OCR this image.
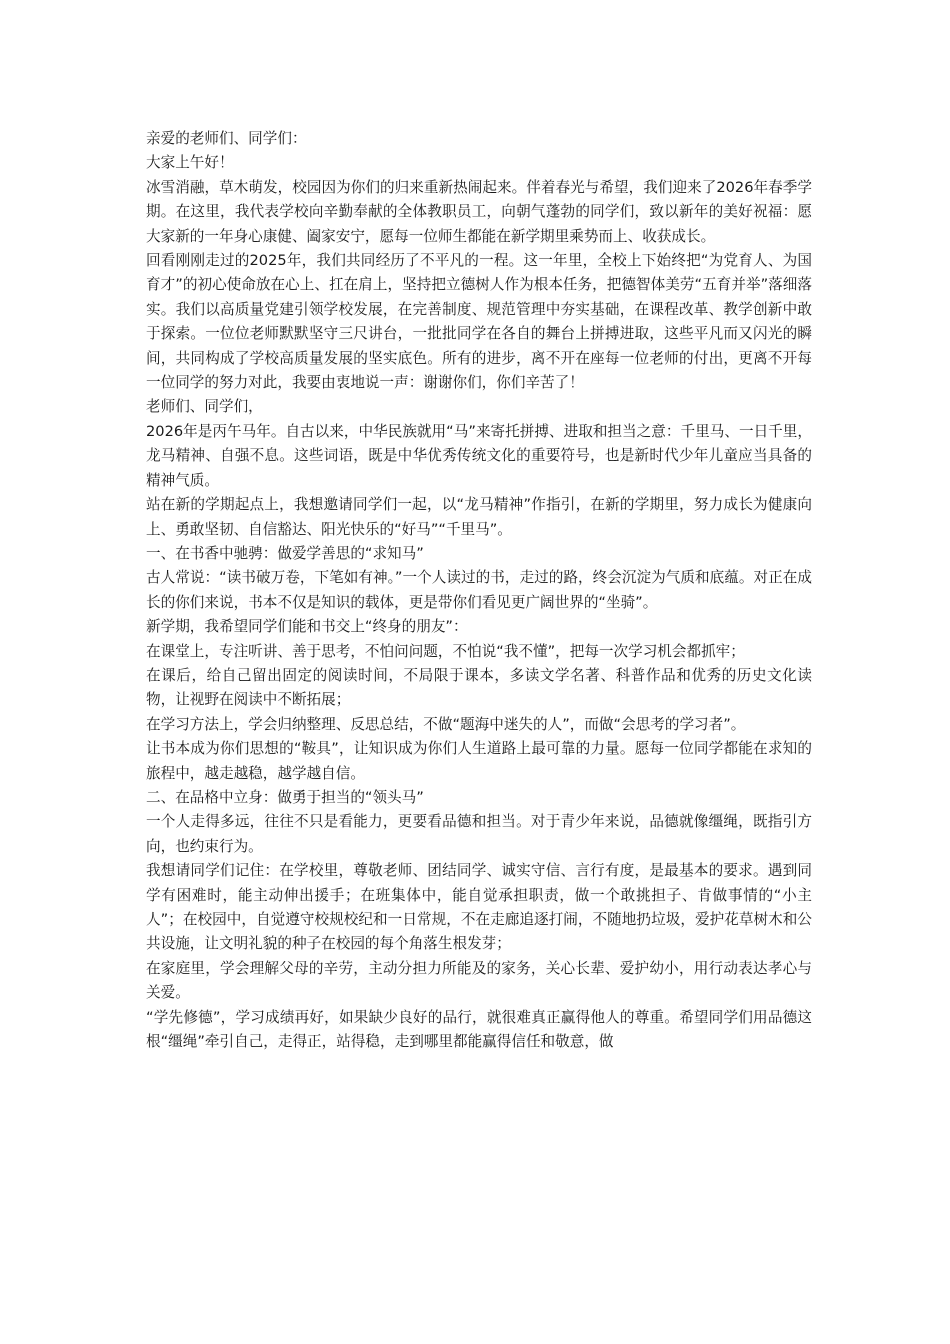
亲爱的老师们、同学们：

大家上午好！

冰雪消融，草木萌发，校园因为你们的归来重新热闹起来。伴着春光与希望，我们迎来了2026年春季学期。在这里，我代表学校向辛勤奉献的全体教职员工，向朝气蓬勃的同学们，致以新年的美好祝福：愿大家新的一年身心康健、阖家安宁，愿每一位师生都能在新学期里乘势而上、收获成长。

回看刚刚走过的2025年，我们共同经历了不平凡的一程。这一年里，全校上下始终把“为党育人、为国育才”的初心使命放在心上、扛在肩上，坚持把立德树人作为根本任务，把德智体美劳“五育并举”落细落实。我们以高质量党建引领学校发展，在完善制度、规范管理中夯实基础，在课程改革、教学创新中敢于探索。一位位老师默默坚守三尺讲台，一批批同学在各自的舞台上拼搏进取，这些平凡而又闪光的瞬间，共同构成了学校高质量发展的坚实底色。所有的进步，离不开在座每一位老师的付出，更离不开每一位同学的努力对此，我要由衷地说一声：谢谢你们，你们辛苦了！

老师们、同学们，

2026年是丙午马年。自古以来，中华民族就用“马”来寄托拼搏、进取和担当之意：千里马、一日千里，龙马精神、自强不息。这些词语，既是中华优秀传统文化的重要符号，也是新时代少年儿童应当具备的精神气质。

站在新的学期起点上，我想邀请同学们一起，以“龙马精神”作指引，在新的学期里，努力成长为健康向上、勇敢坚韧、自信豁达、阳光快乐的“好马”“千里马”。

一、在书香中驰骋：做爱学善思的“求知马”

古人常说：“读书破万卷，下笔如有神。”一个人读过的书，走过的路，终会沉淀为气质和底蕴。对正在成长的你们来说，书本不仅是知识的载体，更是带你们看见更广阔世界的“坐骑”。

新学期，我希望同学们能和书交上“终身的朋友”：

在课堂上，专注听讲、善于思考，不怕问问题，不怕说“我不懂”，把每一次学习机会都抓牢；

在课后，给自己留出固定的阅读时间，不局限于课本，多读文学名著、科普作品和优秀的历史文化读物，让视野在阅读中不断拓展；

在学习方法上，学会归纳整理、反思总结，不做“题海中迷失的人”，而做“会思考的学习者”。

让书本成为你们思想的“鞍具”，让知识成为你们人生道路上最可靠的力量。愿每一位同学都能在求知的旅程中，越走越稳，越学越自信。

二、在品格中立身：做勇于担当的“领头马”

一个人走得多远，往往不只是看能力，更要看品德和担当。对于青少年来说，品德就像缰绳，既指引方向，也约束行为。

我想请同学们记住：在学校里，尊敬老师、团结同学、诚实守信、言行有度，是最基本的要求。遇到同学有困难时，能主动伸出援手；在班集体中，能自觉承担职责，做一个敢挑担子、肯做事情的“小主人”；在校园中，自觉遵守校规校纪和一日常规，不在走廊追逐打闹，不随地扔垃圾，爱护花草树木和公共设施，让文明礼貌的种子在校园的每个角落生根发芽；

在家庭里，学会理解父母的辛劳，主动分担力所能及的家务，关心长辈、爱护幼小，用行动表达孝心与关爱。

“学先修德”，学习成绩再好，如果缺少良好的品行，就很难真正赢得他人的尊重。希望同学们用品德这根“缰绳”牵引自己，走得正，站得稳，走到哪里都能赢得信任和敬意，做
